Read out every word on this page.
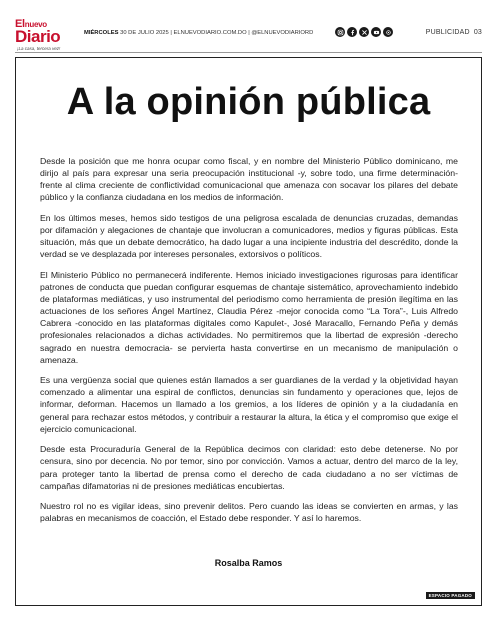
Elnuevo
Diario
¡La casa, tercera vez!
MIÉRCOLES 30 DE JULIO 2025 | ELNUEVODIARIO.COM.DO | @ELNUEVODIARIORD	PUBLICIDAD 03
A la opinión pública

Desde la posición que me honra ocupar como fiscal, y en nombre del Ministerio Público dominicano, me dirijo al país para expresar una seria preocupación institucional -y, sobre todo, una firme determinación- frente al clima creciente de conflictividad comunicacional que amenaza con socavar los pilares del debate público y la confianza ciudadana en los medios de información.

En los últimos meses, hemos sido testigos de una peligrosa escalada de denuncias cruzadas, demandas por difamación y alegaciones de chantaje que involucran a comunicadores, medios y figuras públicas. Esta situación, más que un debate democrático, ha dado lugar a una incipiente industria del descrédito, donde la verdad se ve desplazada por intereses personales, extorsivos o políticos.

El Ministerio Público no permanecerá indiferente. Hemos iniciado investigaciones rigurosas para identificar patrones de conducta que puedan configurar esquemas de chantaje sistemático, aprovechamiento indebido de plataformas mediáticas, y uso instrumental del periodismo como herramienta de presión ilegítima en las actuaciones de los señores Ángel Martínez, Claudia Pérez -mejor conocida como “La Tora”-, Luis Alfredo Cabrera -conocido en las plataformas digitales como Kapulet-, José Maracallo, Fernando Peña y demás profesionales relacionados a dichas actividades. No permitiremos que la libertad de expresión -derecho sagrado en nuestra democracia- se pervierta hasta convertirse en un mecanismo de manipulación o amenaza.

Es una vergüenza social que quienes están llamados a ser guardianes de la verdad y la objetividad hayan comenzado a alimentar una espiral de conflictos, denuncias sin fundamento y operaciones que, lejos de informar, deforman. Hacemos un llamado a los gremios, a los líderes de opinión y a la ciudadanía en general para rechazar estos métodos, y contribuir a restaurar la altura, la ética y el compromiso que exige el ejercicio comunicacional.

Desde esta Procuraduría General de la República decimos con claridad: esto debe detenerse. No por censura, sino por decencia. No por temor, sino por convicción. Vamos a actuar, dentro del marco de la ley, para proteger tanto la libertad de prensa como el derecho de cada ciudadano a no ser víctimas de campañas difamatorias ni de presiones mediáticas encubiertas.

Nuestro rol no es vigilar ideas, sino prevenir delitos. Pero cuando las ideas se convierten en armas, y las palabras en mecanismos de coacción, el Estado debe responder. Y así lo haremos.

Rosalba Ramos
ESPACIO PAGADO
